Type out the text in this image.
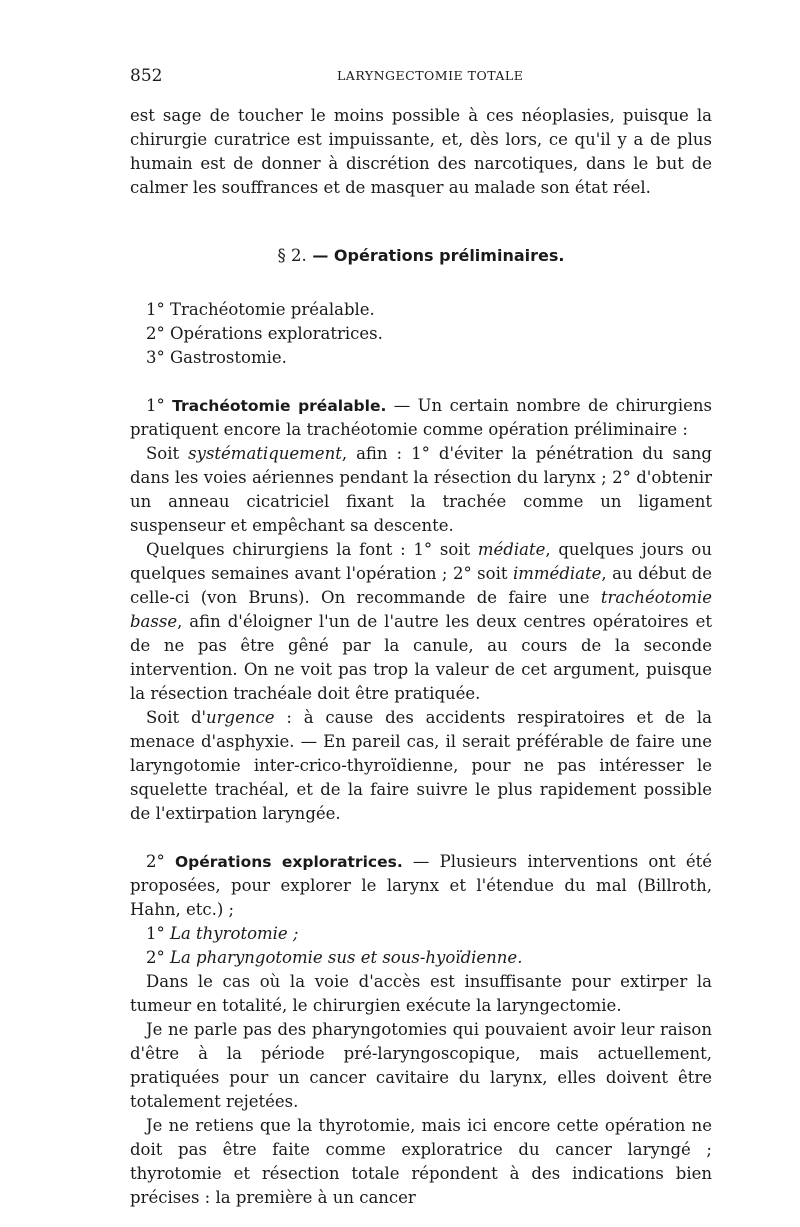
852	LARYNGECTOMIE TOTALE

est sage de toucher le moins possible à ces néoplasies, puisque la chirurgie curatrice est impuissante, et, dès lors, ce qu'il y a de plus humain est de donner à discrétion des narcotiques, dans le but de calmer les souffrances et de masquer au malade son état réel.

§ 2. — Opérations préliminaires.
1° Trachéotomie préalable.
2° Opérations exploratrices.
3° Gastrostomie.

1° Trachéotomie préalable. — Un certain nombre de chirurgiens pratiquent encore la trachéotomie comme opération préliminaire :

Soit systématiquement, afin : 1° d'éviter la pénétration du sang dans les voies aériennes pendant la résection du larynx ; 2° d'obtenir un anneau cicatriciel fixant la trachée comme un ligament suspenseur et empêchant sa descente.

Quelques chirurgiens la font : 1° soit médiate, quelques jours ou quelques semaines avant l'opération ; 2° soit immédiate, au début de celle-ci (von Bruns). On recommande de faire une trachéotomie basse, afin d'éloigner l'un de l'autre les deux centres opératoires et de ne pas être gêné par la canule, au cours de la seconde intervention. On ne voit pas trop la valeur de cet argument, puisque la résection trachéale doit être pratiquée.

Soit d'urgence : à cause des accidents respiratoires et de la menace d'asphyxie. — En pareil cas, il serait préférable de faire une laryngotomie inter-crico-thyroïdienne, pour ne pas intéresser le squelette trachéal, et de la faire suivre le plus rapidement possible de l'extirpation laryngée.

2° Opérations exploratrices. — Plusieurs interventions ont été proposées, pour explorer le larynx et l'étendue du mal (Billroth, Hahn, etc.) ;

1° La thyrotomie ;

2° La pharyngotomie sus et sous-hyoïdienne.

Dans le cas où la voie d'accès est insuffisante pour extirper la tumeur en totalité, le chirurgien exécute la laryngectomie.

Je ne parle pas des pharyngotomies qui pouvaient avoir leur raison d'être à la période pré-laryngoscopique, mais actuellement, pratiquées pour un cancer cavitaire du larynx, elles doivent être totalement rejetées.

Je ne retiens que la thyrotomie, mais ici encore cette opération ne doit pas être faite comme exploratrice du cancer laryngé ; thyrotomie et résection totale répondent à des indications bien précises : la première à un cancer
